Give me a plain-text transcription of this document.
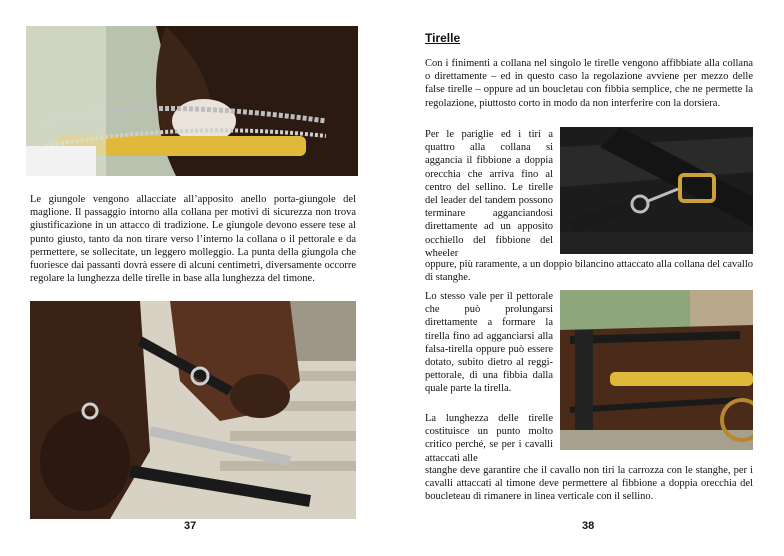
Le giungole vengono allacciate all’apposito anello porta-giungole del maglione. Il passaggio intorno alla collana per motivi di sicurezza non trova giustificazione in un attacco di tradizione. Le giungole devono essere tese al punto giusto, tanto da non tirare verso l’interno la collana o il pettorale e da permettere, se sollecitate, un leggero molleggio. La punta della giungola che fuoriesce dai passanti dovrà essere di alcuni centimetri, diversamente occorre regolare la lunghezza delle tirelle in base alla lunghezza del timone.

37
Tirelle

Con i finimenti a collana nel singolo le tirelle vengono affibbiate alla collana o direttamente – ed in questo caso la regolazione avviene per mezzo delle false tirelle – oppure ad un boucletau con fibbia semplice, che ne permette la regolazione, piuttosto corto in modo da non interferire con la dorsiera.

Per le pariglie ed i tiri a quattro alla collana si aggancia il fibbione a doppia orecchia che arriva fino al centro del sellino. Le tirelle del leader del tandem possono terminare agganciandosi direttamente ad un apposito occhiello del fibbione del wheeler

oppure, più raramente, a un doppio bilancino attaccato alla collana del cavallo di stanghe.

Lo stesso vale per il pettorale che può prolungarsi direttamente a formare la tirella fino ad agganciarsi alla falsa-tirella oppure può essere dotato, subito dietro al reggi-pettorale, di una fibbia dalla quale parte la tirella.

La lunghezza delle tirelle costituisce un punto molto critico perché, se per i cavalli attaccati alle

stanghe deve garantire che il cavallo non tiri la carrozza con le stanghe, per i cavalli attaccati al timone deve permettere al fibbione a doppia orecchia del boucleteau di rimanere in linea verticale con il sellino.

38
